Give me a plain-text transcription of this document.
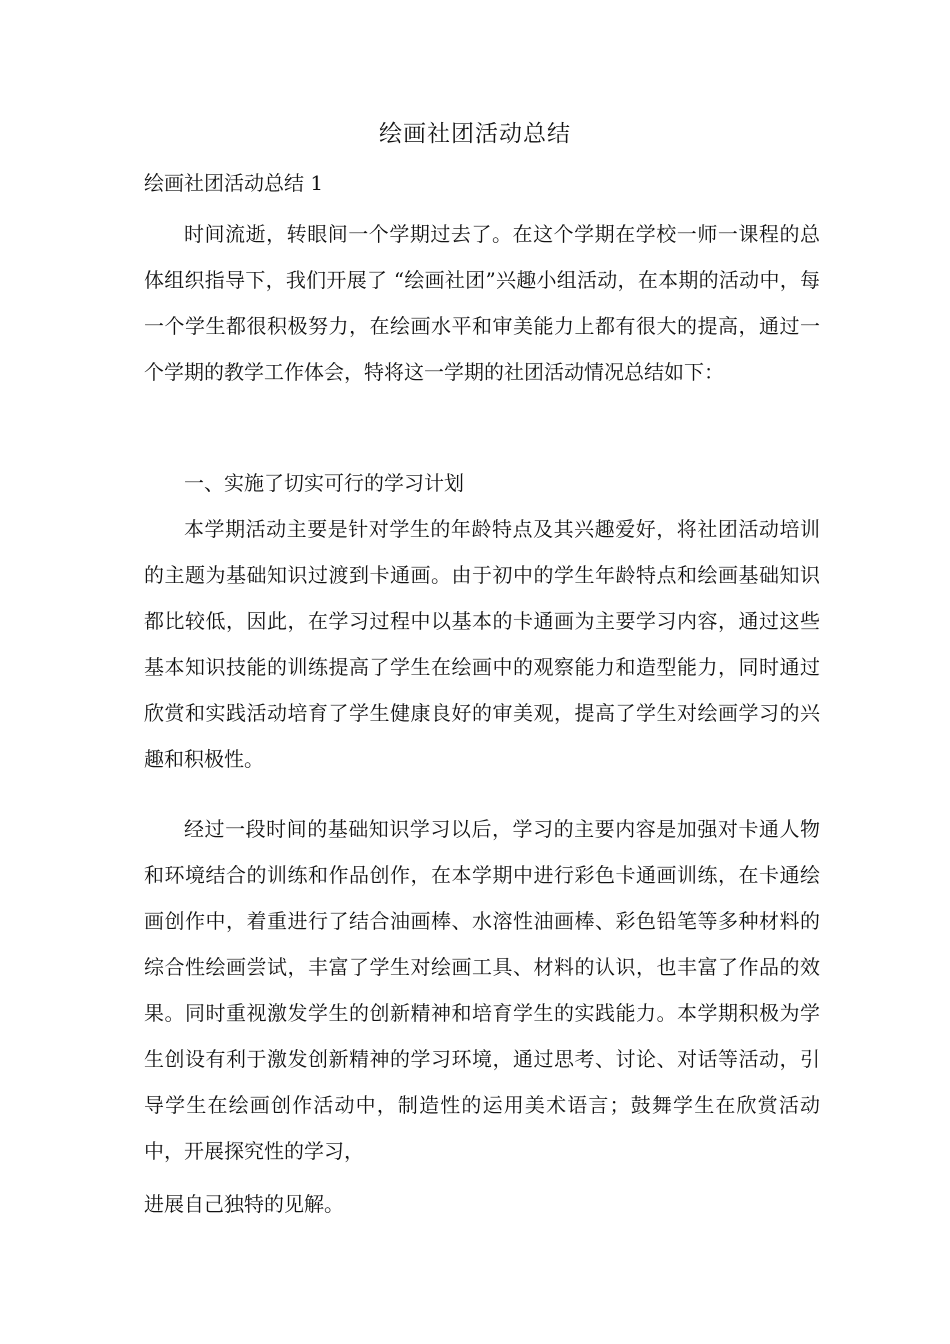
绘画社团活动总结
绘画社团活动总结 1

时间流逝，转眼间一个学期过去了。在这个学期在学校一师一课程的总体组织指导下，我们开展了 “绘画社团”兴趣小组活动，在本期的活动中，每一个学生都很积极努力，在绘画水平和审美能力上都有很大的提高，通过一个学期的教学工作体会，特将这一学期的社团活动情况总结如下：

一、实施了切实可行的学习计划

本学期活动主要是针对学生的年龄特点及其兴趣爱好，将社团活动培训的主题为基础知识过渡到卡通画。由于初中的学生年龄特点和绘画基础知识都比较低，因此，在学习过程中以基本的卡通画为主要学习内容，通过这些基本知识技能的训练提高了学生在绘画中的观察能力和造型能力，同时通过欣赏和实践活动培育了学生健康良好的审美观，提高了学生对绘画学习的兴趣和积极性。

经过一段时间的基础知识学习以后，学习的主要内容是加强对卡通人物和环境结合的训练和作品创作，在本学期中进行彩色卡通画训练，在卡通绘画创作中，着重进行了结合油画棒、水溶性油画棒、彩色铅笔等多种材料的综合性绘画尝试，丰富了学生对绘画工具、材料的认识，也丰富了作品的效果。同时重视激发学生的创新精神和培育学生的实践能力。本学期积极为学生创设有利于激发创新精神的学习环境，通过思考、讨论、对话等活动，引导学生在绘画创作活动中，制造性的运用美术语言；鼓舞学生在欣赏活动中，开展探究性的学习，

进展自己独特的见解。
